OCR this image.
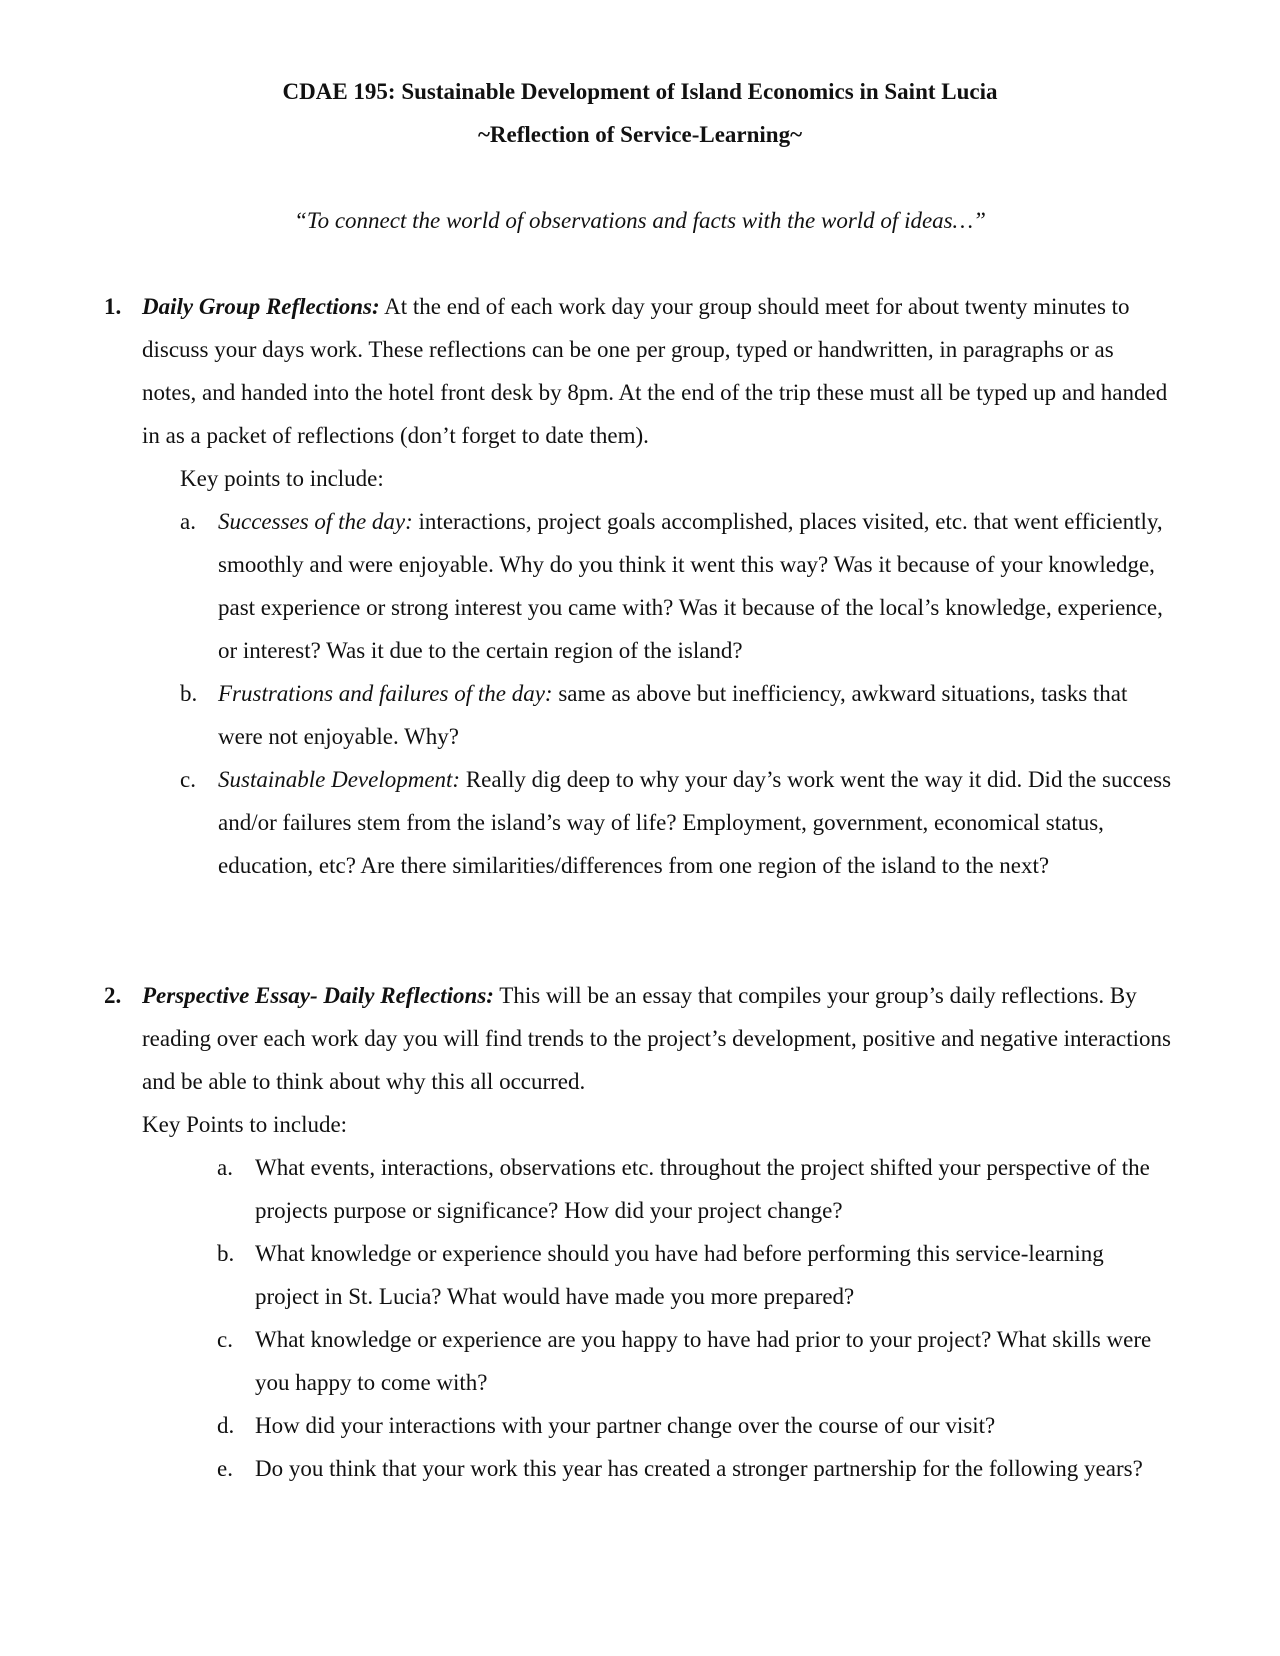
CDAE 195: Sustainable Development of Island Economics in Saint Lucia
~Reflection of Service-Learning~
“To connect the world of observations and facts with the world of ideas…”
1. Daily Group Reflections: At the end of each work day your group should meet for about twenty minutes to discuss your days work. These reflections can be one per group, typed or handwritten, in paragraphs or as notes, and handed into the hotel front desk by 8pm. At the end of the trip these must all be typed up and handed in as a packet of reflections (don’t forget to date them).

Key points to include:

a. Successes of the day: interactions, project goals accomplished, places visited, etc. that went efficiently, smoothly and were enjoyable. Why do you think it went this way? Was it because of your knowledge, past experience or strong interest you came with? Was it because of the local’s knowledge, experience, or interest? Was it due to the certain region of the island?
b. Frustrations and failures of the day: same as above but inefficiency, awkward situations, tasks that were not enjoyable. Why?
c. Sustainable Development: Really dig deep to why your day’s work went the way it did. Did the success and/or failures stem from the island’s way of life? Employment, government, economical status, education, etc? Are there similarities/differences from one region of the island to the next?
2. Perspective Essay- Daily Reflections: This will be an essay that compiles your group’s daily reflections. By reading over each work day you will find trends to the project’s development, positive and negative interactions and be able to think about why this all occurred.

Key Points to include:

a. What events, interactions, observations etc. throughout the project shifted your perspective of the projects purpose or significance? How did your project change?
b. What knowledge or experience should you have had before performing this service-learning project in St. Lucia? What would have made you more prepared?
c. What knowledge or experience are you happy to have had prior to your project? What skills were you happy to come with?
d. How did your interactions with your partner change over the course of our visit?
e. Do you think that your work this year has created a stronger partnership for the following years?
